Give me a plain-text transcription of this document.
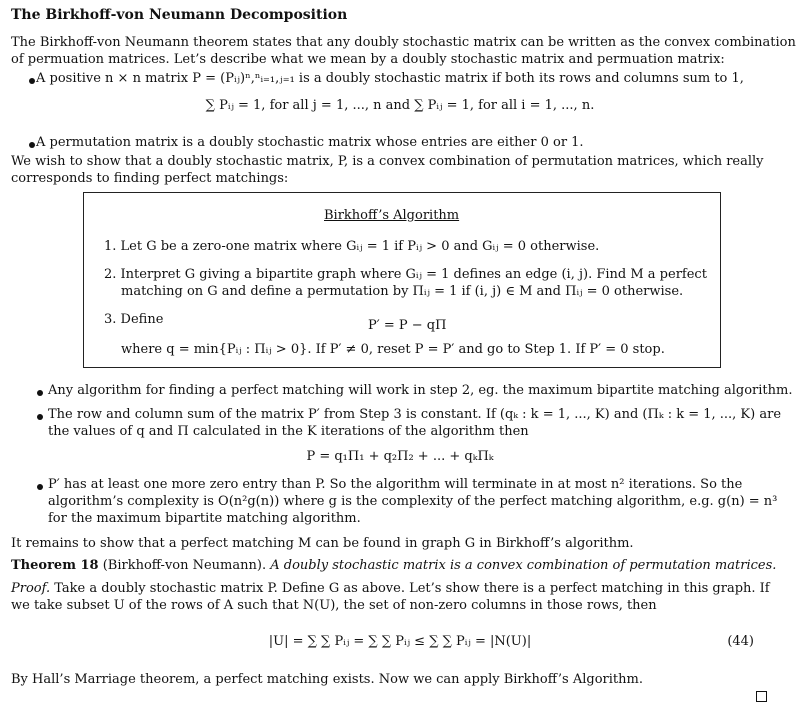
The Birkhoff-von Neumann Decomposition
The Birkhoff-von Neumann theorem states that any doubly stochastic matrix can be written as the convex combination
of permuation matrices. Let’s describe what we mean by a doubly stochastic matrix and permuation matrix:
A positive n × n matrix P = (Pᵢⱼ)ⁿ,ⁿᵢ₌₁,ⱼ₌₁ is a doubly stochastic matrix if both its rows and columns sum to 1,
∑ Pᵢⱼ = 1, for all j = 1, ..., n and ∑ Pᵢⱼ = 1, for all i = 1, ..., n.
A permutation matrix is a doubly stochastic matrix whose entries are either 0 or 1.
We wish to show that a doubly stochastic matrix, P, is a convex combination of permutation matrices, which really
corresponds to finding perfect matchings:
Birkhoff’s Algorithm
1. Let G be a zero-one matrix where Gᵢⱼ = 1 if Pᵢⱼ > 0 and Gᵢⱼ = 0 otherwise.
2. Interpret G giving a bipartite graph where Gᵢⱼ = 1 defines an edge (i, j). Find M a perfect
matching on G and define a permutation by Πᵢⱼ = 1 if (i, j) ∈ M and Πᵢⱼ = 0 otherwise.
3. Define	P′ = P − qΠ
where q = min{Pᵢⱼ : Πᵢⱼ > 0}. If P′ ≠ 0, reset P = P′ and go to Step 1. If P′ = 0 stop.
Any algorithm for finding a perfect matching will work in step 2, eg. the maximum bipartite matching algorithm.
The row and column sum of the matrix P′ from Step 3 is constant. If (qₖ : k = 1, ..., K) and (Πₖ : k = 1, ..., K) are
the values of q and Π calculated in the K iterations of the algorithm then
P = q₁Π₁ + q₂Π₂ + ... + qₖΠₖ
P′ has at least one more zero entry than P. So the algorithm will terminate in at most n² iterations. So the
algorithm’s complexity is O(n²g(n)) where g is the complexity of the perfect matching algorithm, e.g. g(n) = n³
for the maximum bipartite matching algorithm.
It remains to show that a perfect matching M can be found in graph G in Birkhoff’s algorithm.
Theorem 18 (Birkhoff-von Neumann). A doubly stochastic matrix is a convex combination of permutation matrices.
Proof. Take a doubly stochastic matrix P. Define G as above. Let’s show there is a perfect matching in this graph. If
we take subset U of the rows of A such that N(U), the set of non-zero columns in those rows, then
|U| = ∑ ∑ Pᵢⱼ = ∑ ∑ Pᵢⱼ ≤ ∑ ∑ Pᵢⱼ = |N(U)|	(44)
By Hall’s Marriage theorem, a perfect matching exists. Now we can apply Birkhoff’s Algorithm.
